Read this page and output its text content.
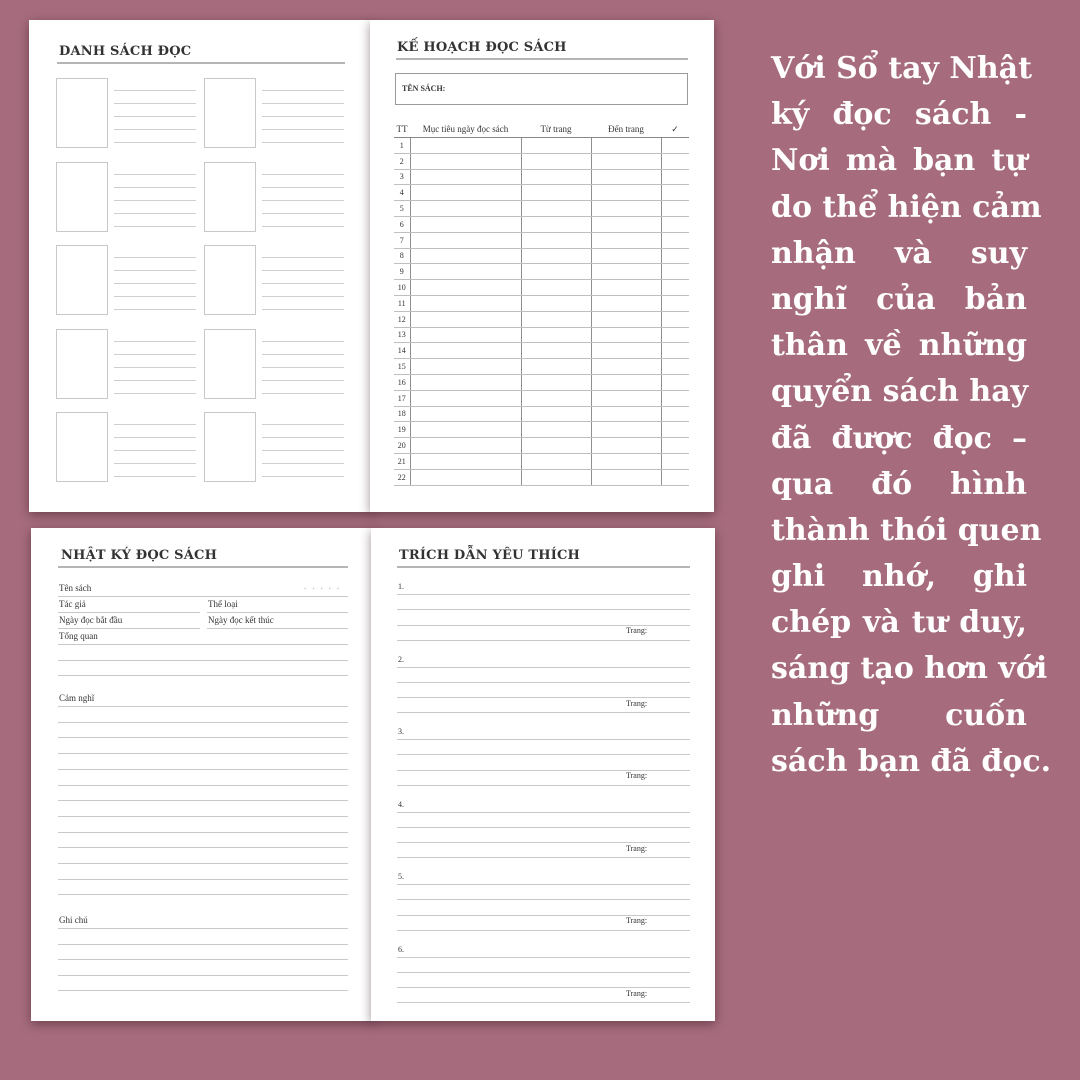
DANH SÁCH ĐỌC	KẾ HOẠCH ĐỌC SÁCH
TÊN SÁCH:
TT	Mục tiêu ngày đọc sách	Từ trang	Đến trang	✓
1				
2				
3				
4				
5				
6				
7				
8				
9				
10				
11				
12				
13				
14				
15				
16				
17				
18				
19				
20				
21				
22				
NHẬT KÝ ĐỌC SÁCH
Tên sách	• • • • •
Tác giả	Thể loại
Ngày đọc bắt đầu	Ngày đọc kết thúc
Tổng quan
Cảm nghĩ
Ghi chú
TRÍCH DẪN YÊU THÍCH
1.
Trang:
2.
Trang:
3.
Trang:
4.
Trang:
5.
Trang:
6.
Trang:
Với Sổ tay Nhật
ký đọc sách -
Nơi mà bạn tự
do thể hiện cảm
nhận và suy
nghĩ của bản
thân về những
quyển sách hay
đã được đọc –
qua đó hình
thành thói quen
ghi nhớ, ghi
chép và tư duy,
sáng tạo hơn với
những cuốn
sách bạn đã đọc.
